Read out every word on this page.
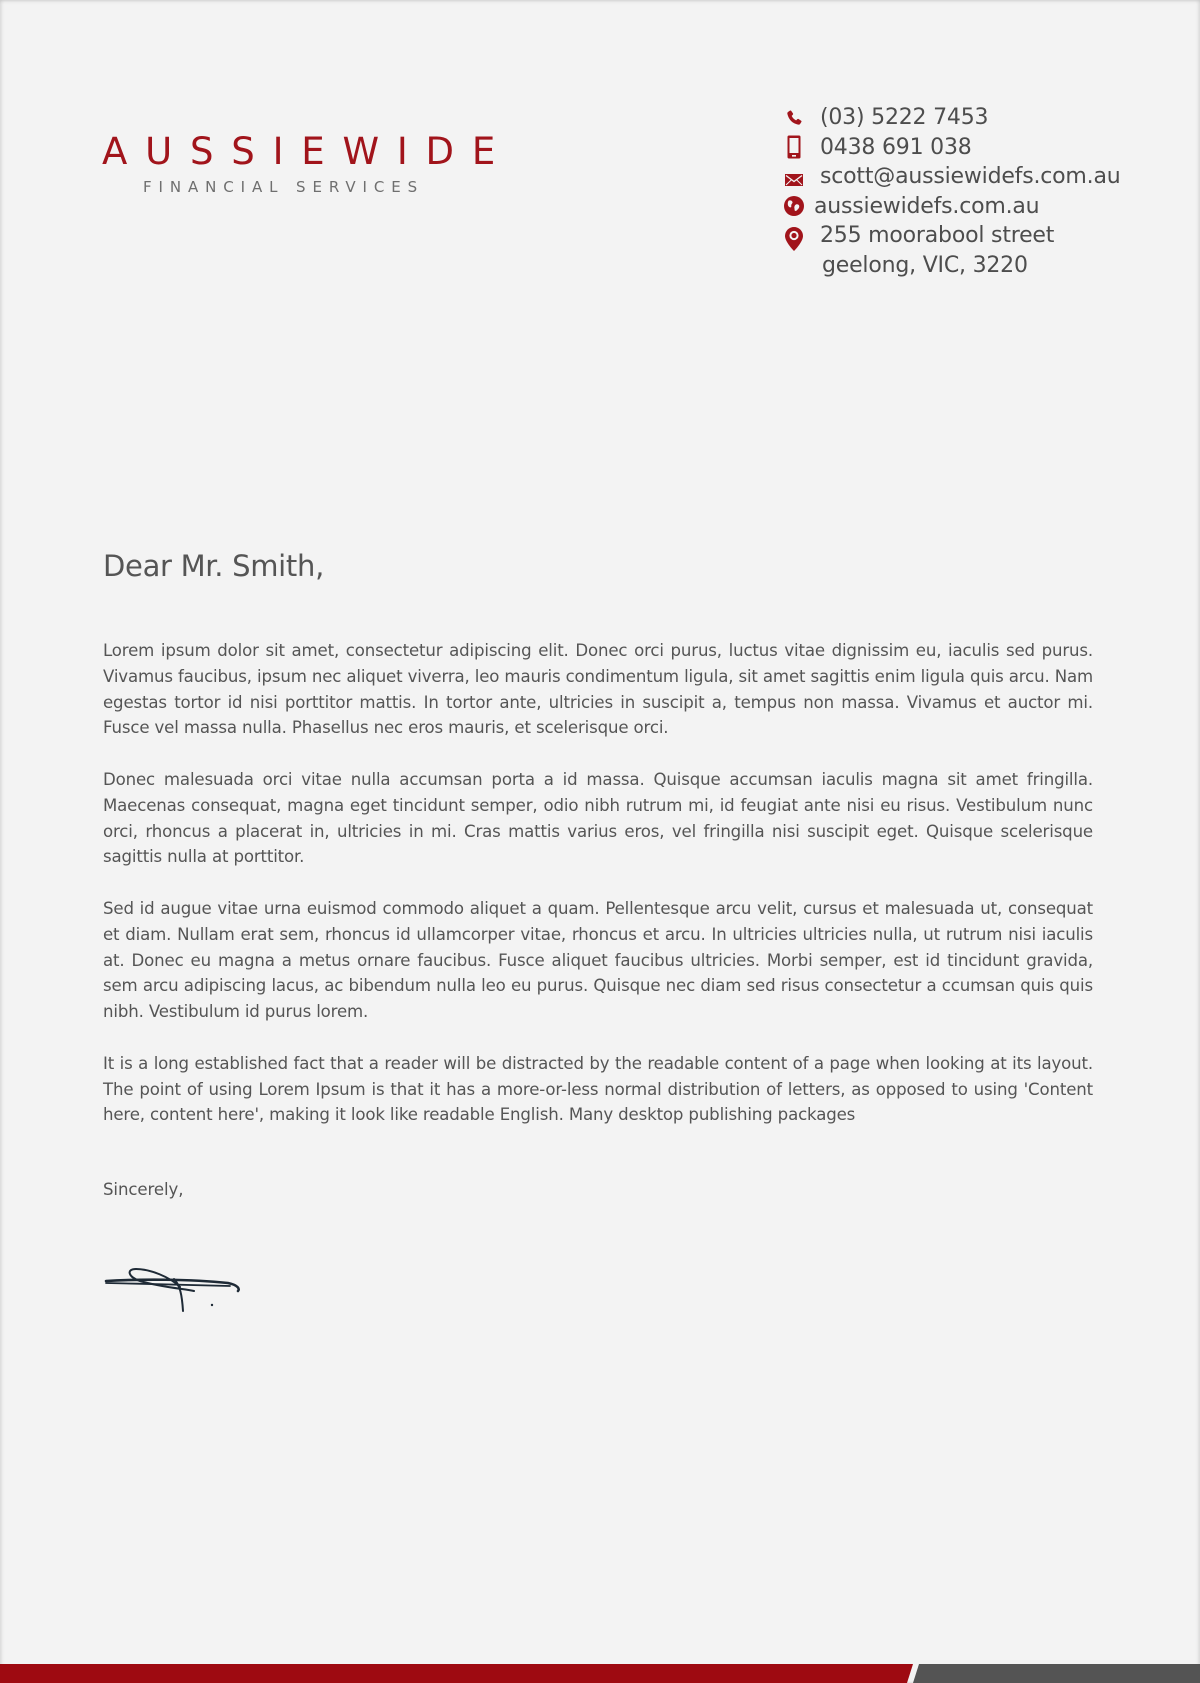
AUSSIEWIDE
FINANCIAL SERVICES
(03) 5222 7453
0438 691 038
scott@aussiewidefs.com.au
aussiewidefs.com.au
255 moorabool street
geelong, VIC, 3220
Dear Mr. Smith,

Lorem ipsum dolor sit amet, consectetur adipiscing elit. Donec orci purus, luctus vitae dignissim eu, iaculis sed purus. Vivamus faucibus, ipsum nec aliquet viverra, leo mauris condimentum ligula, sit amet sagittis enim ligula quis arcu. Nam egestas tortor id nisi porttitor mattis. In tortor ante, ultricies in suscipit a, tempus non massa. Vivamus et auctor mi. Fusce vel massa nulla. Phasellus nec eros mauris, et scelerisque orci.

Donec malesuada orci vitae nulla accumsan porta a id massa. Quisque accumsan iaculis magna sit amet fringilla. Maecenas consequat, magna eget tincidunt semper, odio nibh rutrum mi, id feugiat ante nisi eu risus. Vestibulum nunc orci, rhoncus a placerat in, ultricies in mi. Cras mattis varius eros, vel fringilla nisi suscipit eget. Quisque scelerisque sagittis nulla at porttitor.

Sed id augue vitae urna euismod commodo aliquet a quam. Pellentesque arcu velit, cursus et malesuada ut, consequat et diam. Nullam erat sem, rhoncus id ullamcorper vitae, rhoncus et arcu. In ultricies ultricies nulla, ut rutrum nisi iaculis at. Donec eu magna a metus ornare faucibus. Fusce aliquet faucibus ultricies. Morbi semper, est id tincidunt gravida, sem arcu adipiscing lacus, ac bibendum nulla leo eu purus. Quisque nec diam sed risus consectetur a ccumsan quis quis nibh. Vestibulum id purus lorem.

It is a long established fact that a reader will be distracted by the readable content of a page when looking at its layout. The point of using Lorem Ipsum is that it has a more-or-less normal distribution of letters, as opposed to using 'Content here, content here', making it look like readable English. Many desktop publishing packages

Sincerely,
